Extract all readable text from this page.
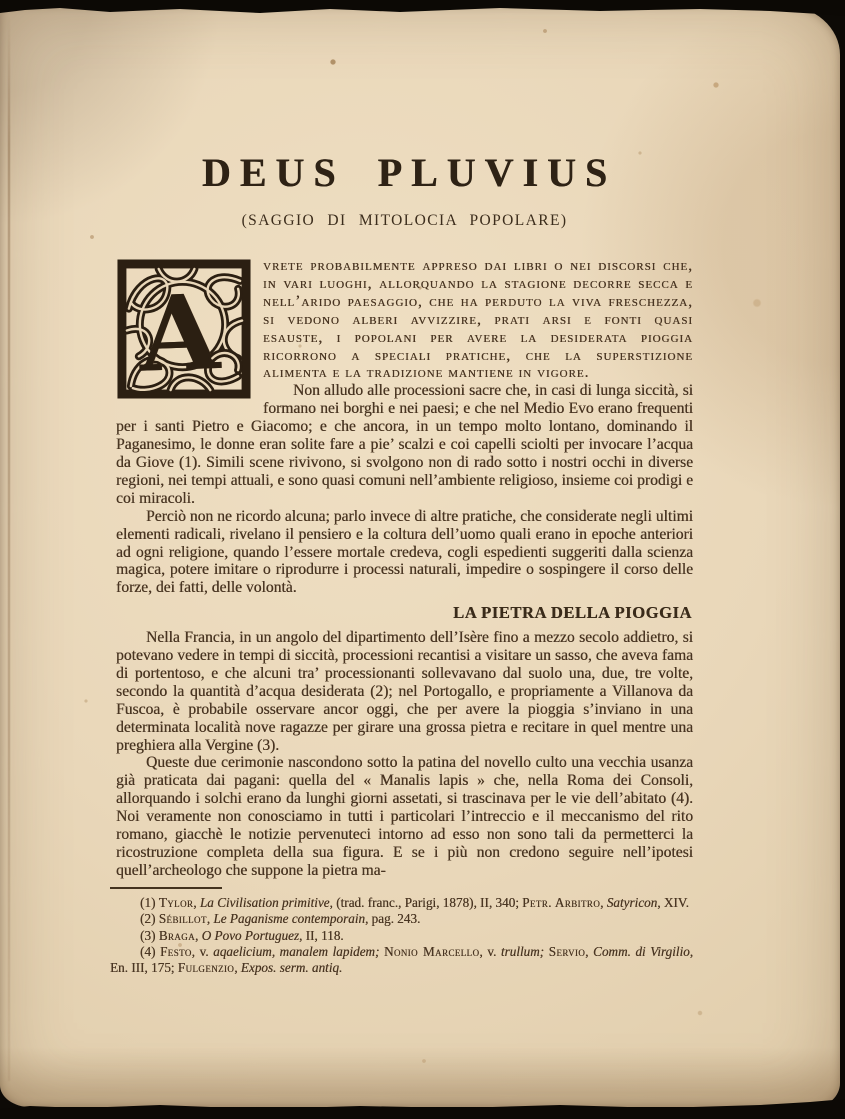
DEUS PLUVIUS
(SAGGIO DI MITOLOCIA POPOLARE)

A
vrete probabilmente appreso dai libri o nei discorsi che, in vari luoghi, allorquando la stagione decorre secca e nell’arido paesaggio, che ha perduto la viva freschezza, si vedono alberi avvizzire, prati arsi e fonti quasi esauste, i popolani per avere la desiderata pioggia ricorrono a speciali pratiche, che la superstizione alimenta e la tradizione mantiene in vigore.

Non alludo alle processioni sacre che, in casi di lunga siccità, si formano nei borghi e nei paesi; e che nel Medio Evo erano frequenti per i santi Pietro e Giacomo; e che ancora, in un tempo molto lontano, dominando il Paganesimo, le donne eran solite fare a pie’ scalzi e coi capelli sciolti per invocare l’acqua da Giove (1). Simili scene rivivono, si svolgono non di rado sotto i nostri occhi in diverse regioni, nei tempi attuali, e sono quasi comuni nell’ambiente religioso, insieme coi prodigi e coi miracoli.

Perciò non ne ricordo alcuna; parlo invece di altre pratiche, che considerate negli ultimi elementi radicali, rivelano il pensiero e la coltura dell’uomo quali erano in epoche anteriori ad ogni religione, quando l’essere mortale credeva, cogli espedienti suggeriti dalla scienza magica, potere imitare o riprodurre i processi naturali, impedire o sospingere il corso delle forze, dei fatti, delle volontà.

LA PIETRA DELLA PIOGGIA

Nella Francia, in un angolo del dipartimento dell’Isère fino a mezzo secolo addietro, si potevano vedere in tempi di siccità, processioni recantisi a visitare un sasso, che aveva fama di portentoso, e che alcuni tra’ processionanti sollevavano dal suolo una, due, tre volte, secondo la quantità d’acqua desiderata (2); nel Portogallo, e propriamente a Villanova da Fuscoa, è probabile osservare ancor oggi, che per avere la pioggia s’inviano in una determinata località nove ragazze per girare una grossa pietra e recitare in quel mentre una preghiera alla Vergine (3).

Queste due cerimonie nascondono sotto la patina del novello culto una vecchia usanza già praticata dai pagani: quella del « Manalis lapis » che, nella Roma dei Consoli, allorquando i solchi erano da lunghi giorni assetati, si trascinava per le vie dell’abitato (4). Noi veramente non conosciamo in tutti i particolari l’intreccio e il meccanismo del rito romano, giacchè le notizie pervenuteci intorno ad esso non sono tali da permetterci la ricostruzione completa della sua figura. E se i più non credono seguire nell’ipotesi quell’archeologo che suppone la pietra ma-

(1) Tylor, La Civilisation primitive, (trad. franc., Parigi, 1878), II, 340; Petr. Arbitro, Satyricon, XIV.

(2) Sébillot, Le Paganisme contemporain, pag. 243.

(3) Braga, O Povo Portuguez, II, 118.

(4) Festo, v. aqaelicium, manalem lapidem; Nonio Marcello, v. trullum; Servio, Comm. di Virgilio, En. III, 175; Fulgenzio, Expos. serm. antiq.
